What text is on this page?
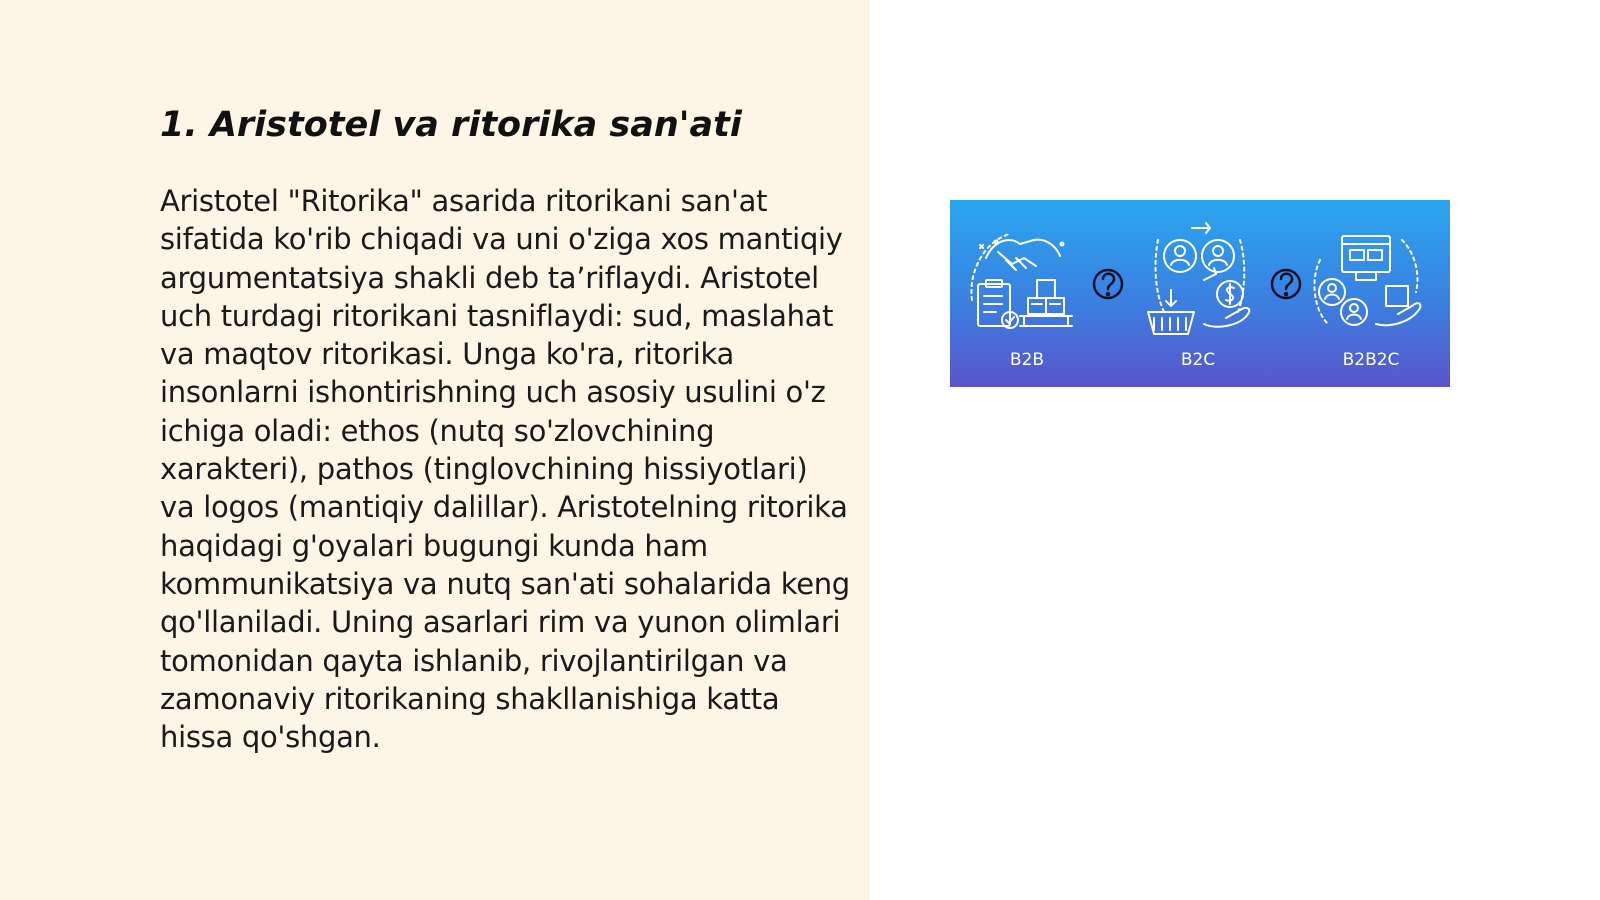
1. Aristotel va ritorika san'ati

Aristotel "Ritorika" asarida ritorikani san'at sifatida ko'rib chiqadi va uni o'ziga xos mantiqiy argumentatsiya shakli deb ta’riflaydi. Aristotel uch turdagi ritorikani tasniflaydi: sud, maslahat va maqtov ritorikasi. Unga ko'ra, ritorika insonlarni ishontirishning uch asosiy usulini o'z ichiga oladi: ethos (nutq so'zlovchining xarakteri), pathos (tinglovchining hissiyotlari) va logos (mantiqiy dalillar). Aristotelning ritorika haqidagi g'oyalari bugungi kunda ham kommunikatsiya va nutq san'ati sohalarida keng qo'llaniladi. Uning asarlari rim va yunon olimlari tomonidan qayta ishlanib, rivojlantirilgan va zamonaviy ritorikaning shakllanishiga katta hissa qo'shgan.

B2B	B2C	B2B2C
